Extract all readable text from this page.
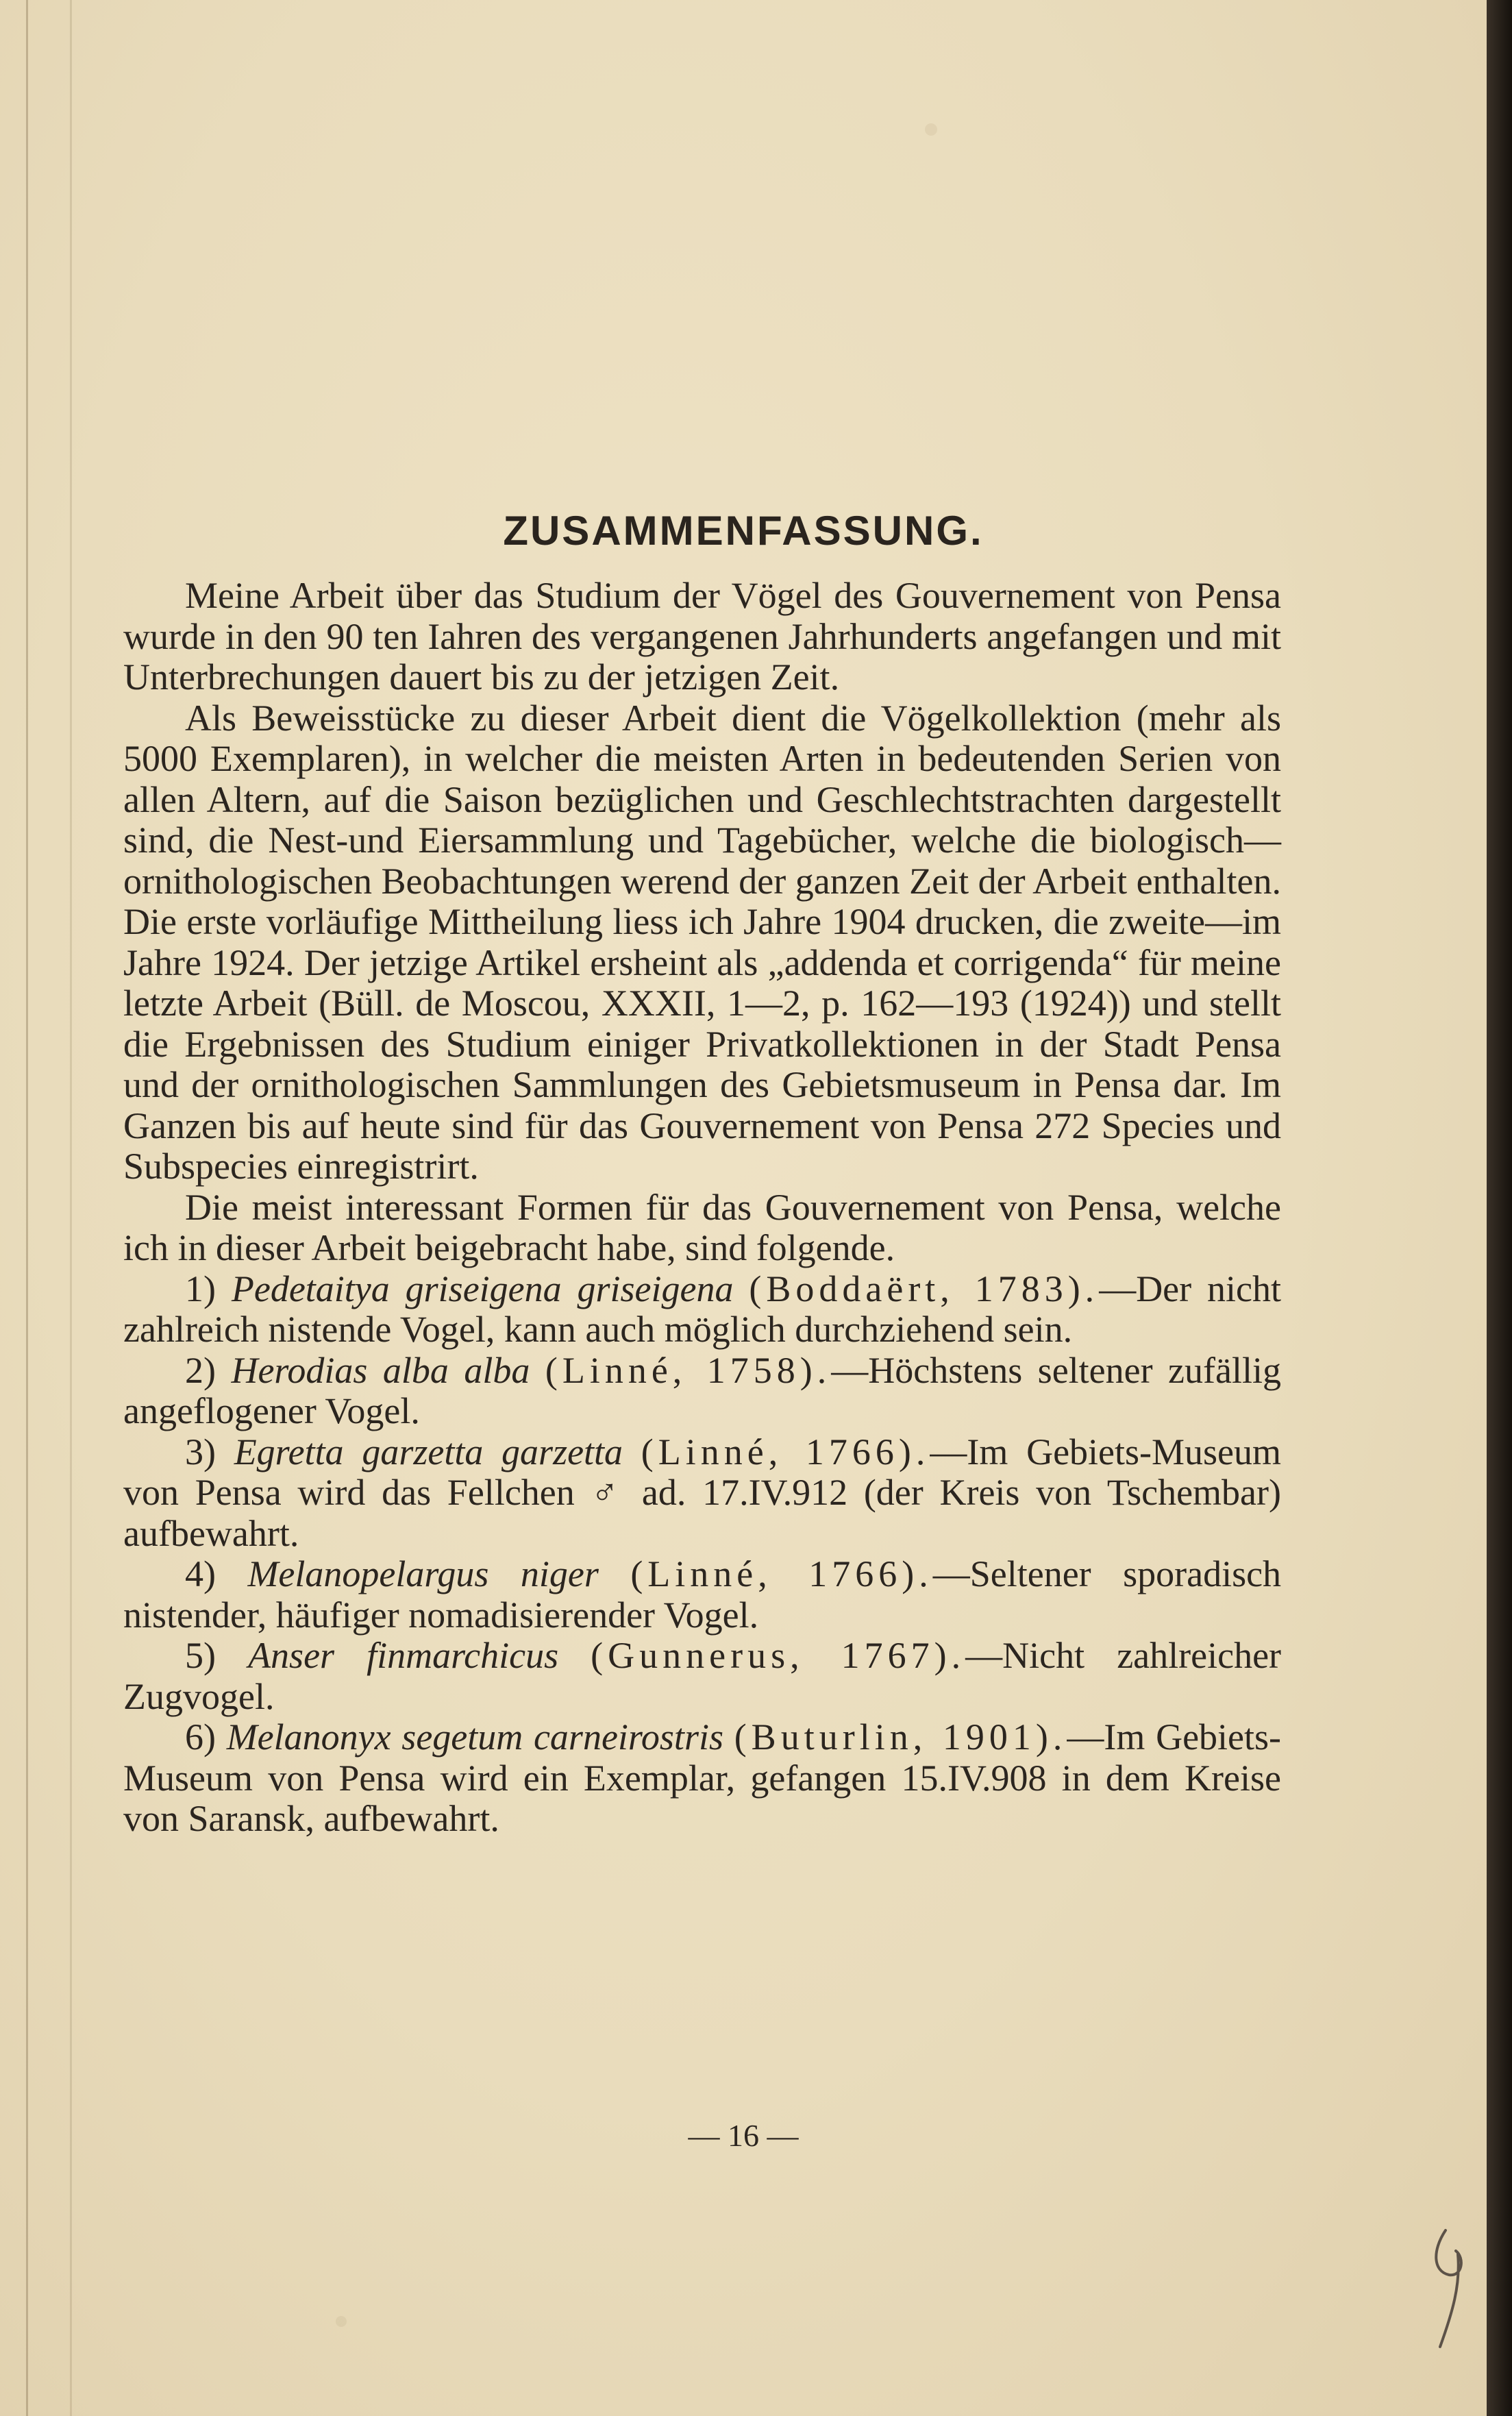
ZUSAMMENFASSUNG.

Meine Arbeit über das Studium der Vögel des Gouvernement von Pensa wurde in den 90 ten Iahren des vergangenen Jahrhunderts angefangen und mit Unterbrechungen dauert bis zu der jetzigen Zeit.

Als Beweisstücke zu dieser Arbeit dient die Vögelkollektion (mehr als 5000 Exemplaren), in welcher die meisten Arten in bedeutenden Serien von allen Altern, auf die Saison bezüglichen und Geschlechtstrachten dargestellt sind, die Nest-und Eiersammlung und Tagebücher, welche die biologisch—ornithologischen Beobachtungen werend der ganzen Zeit der Arbeit enthalten. Die erste vorläufige Mittheilung liess ich Jahre 1904 drucken, die zweite—im Jahre 1924. Der jetzige Artikel ersheint als „addenda et corrigenda“ für meine letzte Arbeit (Büll. de Moscou, XXXII, 1—2, p. 162—193 (1924)) und stellt die Ergebnissen des Studium einiger Privatkollektionen in der Stadt Pensa und der ornithologischen Sammlungen des Gebietsmuseum in Pensa dar. Im Ganzen bis auf heute sind für das Gouvernement von Pensa 272 Species und Subspecies einregistrirt.

Die meist interessant Formen für das Gouvernement von Pensa, welche ich in dieser Arbeit beigebracht habe, sind folgende.

1) Pedetaitya griseigena griseigena (Boddaërt, 1783).—Der nicht zahlreich nistende Vogel, kann auch möglich durchziehend sein.

2) Herodias alba alba (Linné, 1758).—Höchstens seltener zufällig angeflogener Vogel.

3) Egretta garzetta garzetta (Linné, 1766).—Im Gebiets-Museum von Pensa wird das Fellchen ♂ ad. 17.IV.912 (der Kreis von Tschembar) aufbewahrt.

4) Melanopelargus niger (Linné, 1766).—Seltener sporadisch nistender, häufiger nomadisierender Vogel.

5) Anser finmarchicus (Gunnerus, 1767).—Nicht zahlreicher Zugvogel.

6) Melanonyx segetum carneirostris (Buturlin, 1901).—Im Gebiets-Museum von Pensa wird ein Exemplar, gefangen 15.IV.908 in dem Kreise von Saransk, aufbewahrt.

— 16 —
